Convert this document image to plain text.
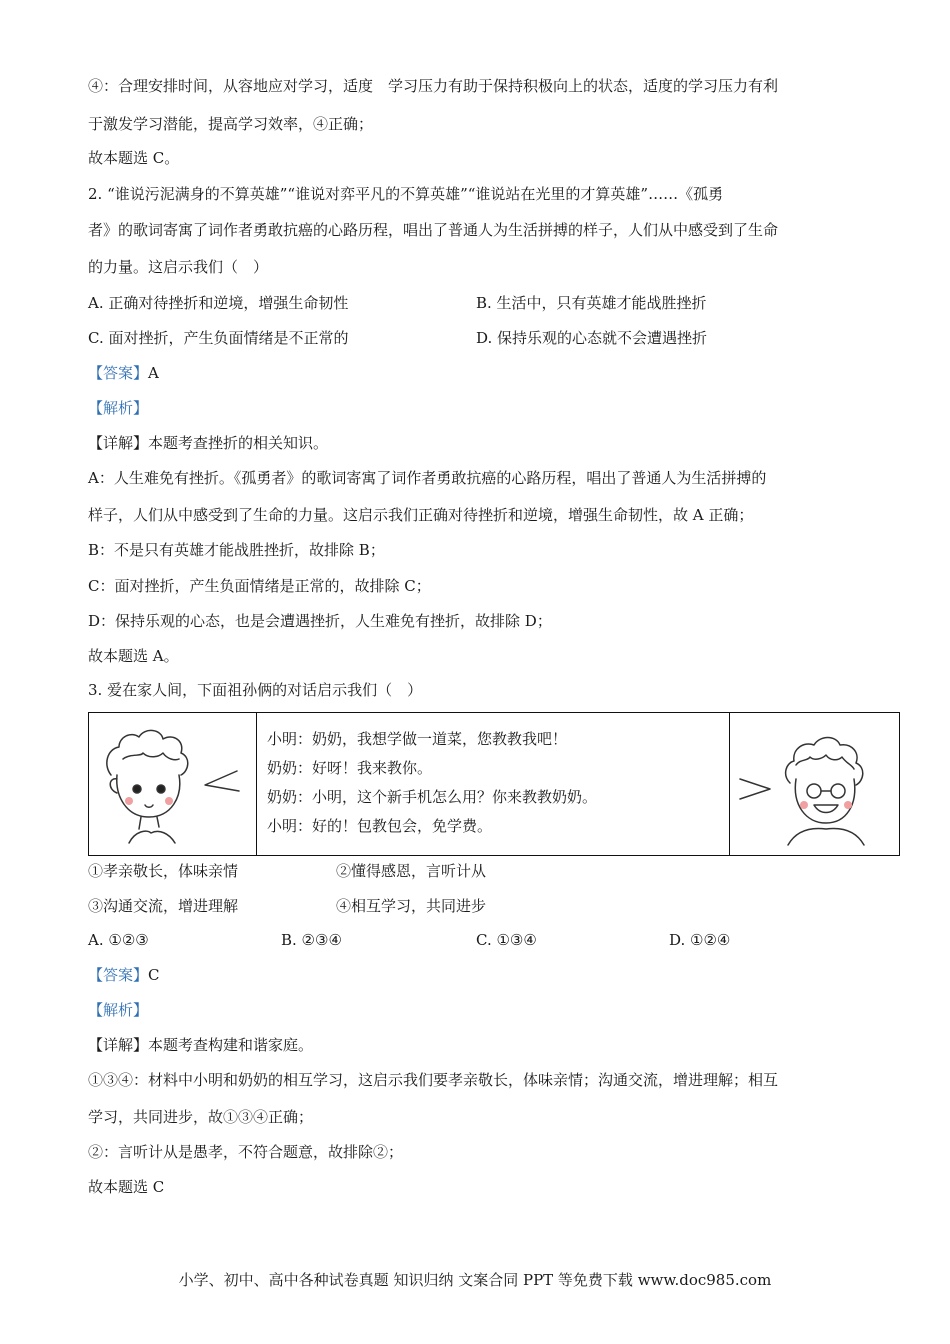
④：合理安排时间，从容地应对学习，适度　学习压力有助于保持积极向上的状态，适度的学习压力有利
于激发学习潜能，提高学习效率，④正确；
故本题选 C。
2. “谁说污泥满身的不算英雄”“谁说对弈平凡的不算英雄”“谁说站在光里的才算英雄”……《孤勇
者》的歌词寄寓了词作者勇敢抗癌的心路历程，唱出了普通人为生活拼搏的样子，人们从中感受到了生命
的力量。这启示我们（　）
A. 正确对待挫折和逆境，增强生命韧性	B. 生活中，只有英雄才能战胜挫折
C. 面对挫折，产生负面情绪是不正常的	D. 保持乐观的心态就不会遭遇挫折
【答案】A
【解析】
【详解】本题考查挫折的相关知识。
A：人生难免有挫折。《孤勇者》的歌词寄寓了词作者勇敢抗癌的心路历程，唱出了普通人为生活拼搏的
样子，人们从中感受到了生命的力量。这启示我们正确对待挫折和逆境，增强生命韧性，故 A 正确；
B：不是只有英雄才能战胜挫折，故排除 B；
C：面对挫折，产生负面情绪是正常的，故排除 C；
D：保持乐观的心态，也是会遭遇挫折，人生难免有挫折，故排除 D；
故本题选 A。
3. 爱在家人间，下面祖孙俩的对话启示我们（　）
小明：奶奶，我想学做一道菜，您教教我吧！
奶奶：好呀！我来教你。
奶奶：小明，这个新手机怎么用？你来教教奶奶。
小明：好的！包教包会，免学费。
①孝亲敬长，体味亲情	②懂得感恩，言听计从
③沟通交流，增进理解	④相互学习，共同进步
A. ①②③	B. ②③④	C. ①③④	D. ①②④
【答案】C
【解析】
【详解】本题考查构建和谐家庭。
①③④：材料中小明和奶奶的相互学习，这启示我们要孝亲敬长，体味亲情；沟通交流，增进理解；相互
学习，共同进步，故①③④正确；
②：言听计从是愚孝，不符合题意，故排除②；
故本题选 C
小学、初中、高中各种试卷真题 知识归纳 文案合同 PPT 等免费下载 www.doc985.com
